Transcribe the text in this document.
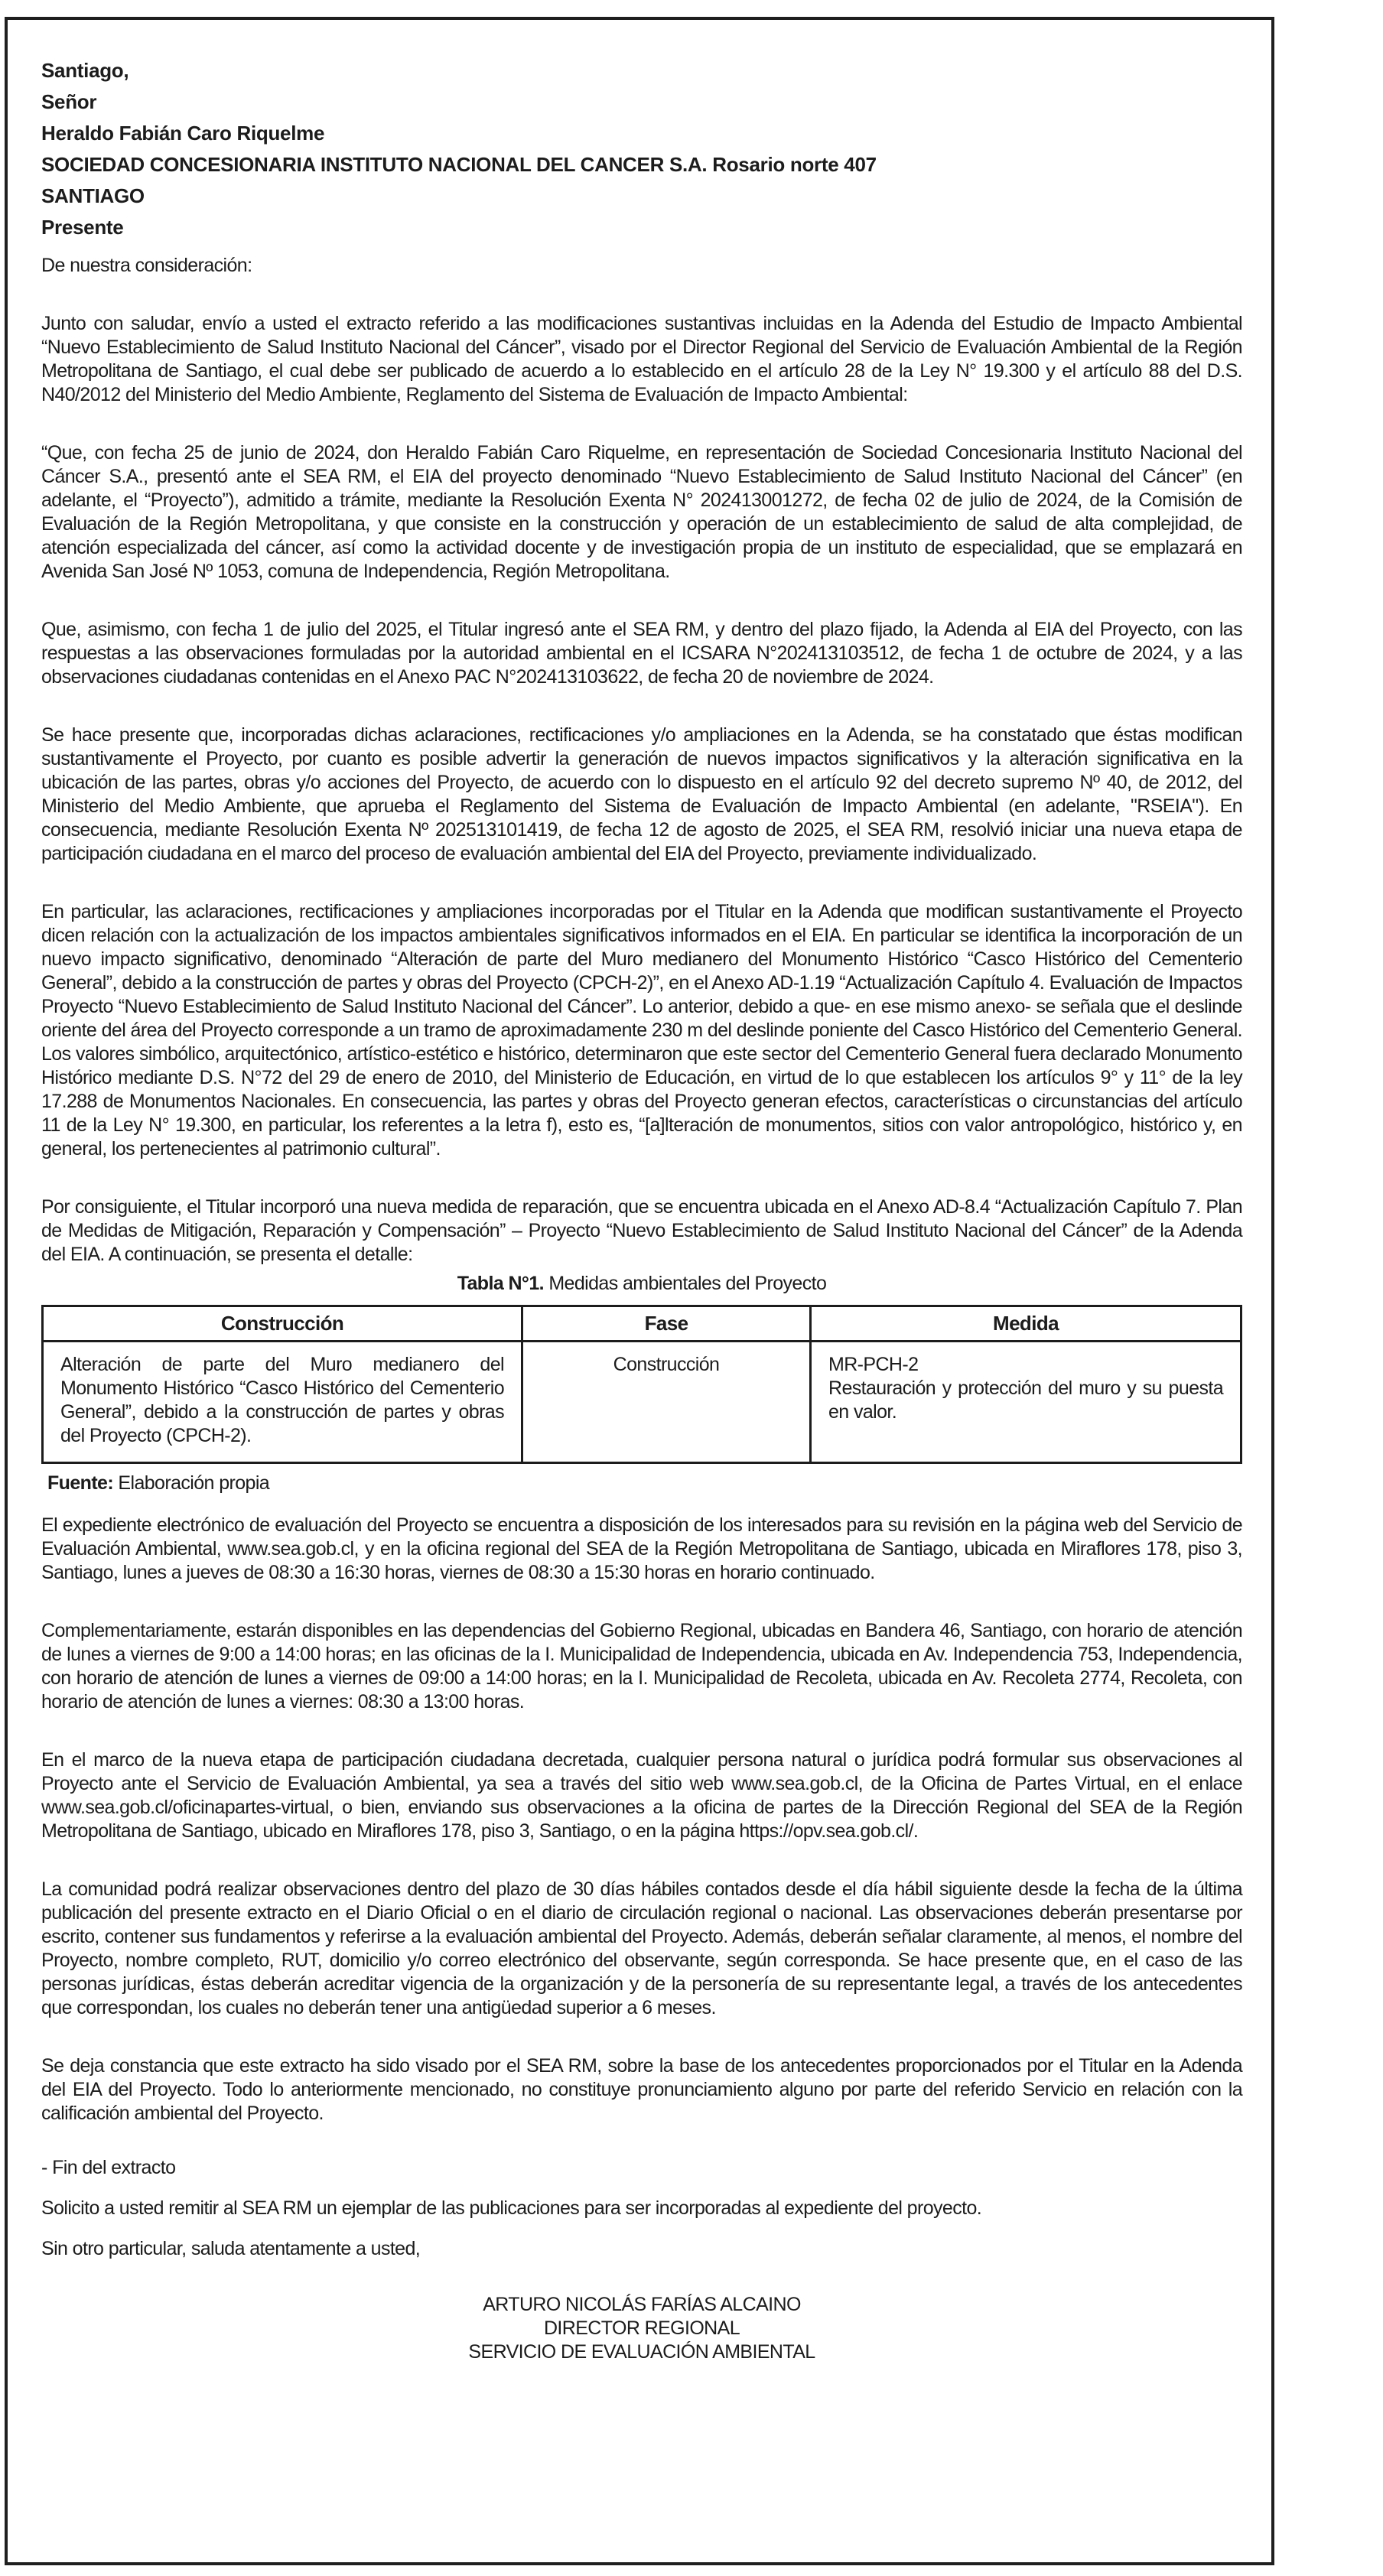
Santiago,
Señor
Heraldo Fabián Caro Riquelme
SOCIEDAD CONCESIONARIA INSTITUTO NACIONAL DEL CANCER S.A. Rosario norte 407
SANTIAGO
Presente

De nuestra consideración:

Junto con saludar, envío a usted el extracto referido a las modificaciones sustantivas incluidas en la Adenda del Estudio de Impacto Ambiental “Nuevo Establecimiento de Salud Instituto Nacional del Cáncer”, visado por el Director Regional del Servicio de Evaluación Ambiental de la Región Metropolitana de Santiago, el cual debe ser publicado de acuerdo a lo establecido en el artículo 28 de la Ley N° 19.300 y el artículo 88 del D.S. N40/2012 del Ministerio del Medio Ambiente, Reglamento del Sistema de Evaluación de Impacto Ambiental:

“Que, con fecha 25 de junio de 2024, don Heraldo Fabián Caro Riquelme, en representación de Sociedad Concesionaria Instituto Nacional del Cáncer S.A., presentó ante el SEA RM, el EIA del proyecto denominado “Nuevo Establecimiento de Salud Instituto Nacional del Cáncer” (en adelante, el “Proyecto”), admitido a trámite, mediante la Resolución Exenta N° 202413001272, de fecha 02 de julio de 2024, de la Comisión de Evaluación de la Región Metropolitana, y que consiste en la construcción y operación de un establecimiento de salud de alta complejidad, de atención especializada del cáncer, así como la actividad docente y de investigación propia de un instituto de especialidad, que se emplazará en Avenida San José Nº 1053, comuna de Independencia, Región Metropolitana.

Que, asimismo, con fecha 1 de julio del 2025, el Titular ingresó ante el SEA RM, y dentro del plazo fijado, la Adenda al EIA del Proyecto, con las respuestas a las observaciones formuladas por la autoridad ambiental en el ICSARA N°202413103512, de fecha 1 de octubre de 2024, y a las observaciones ciudadanas contenidas en el Anexo PAC N°202413103622, de fecha 20 de noviembre de 2024.

Se hace presente que, incorporadas dichas aclaraciones, rectificaciones y/o ampliaciones en la Adenda, se ha constatado que éstas modifican sustantivamente el Proyecto, por cuanto es posible advertir la generación de nuevos impactos significativos y la alteración significativa en la ubicación de las partes, obras y/o acciones del Proyecto, de acuerdo con lo dispuesto en el artículo 92 del decreto supremo Nº 40, de 2012, del Ministerio del Medio Ambiente, que aprueba el Reglamento del Sistema de Evaluación de Impacto Ambiental (en adelante, "RSEIA"). En consecuencia, mediante Resolución Exenta Nº 202513101419, de fecha 12 de agosto de 2025, el SEA RM, resolvió iniciar una nueva etapa de participación ciudadana en el marco del proceso de evaluación ambiental del EIA del Proyecto, previamente individualizado.

En particular, las aclaraciones, rectificaciones y ampliaciones incorporadas por el Titular en la Adenda que modifican sustantivamente el Proyecto dicen relación con la actualización de los impactos ambientales significativos informados en el EIA. En particular se identifica la incorporación de un nuevo impacto significativo, denominado “Alteración de parte del Muro medianero del Monumento Histórico “Casco Histórico del Cementerio General”, debido a la construcción de partes y obras del Proyecto (CPCH-2)”, en el Anexo AD-1.19 “Actualización Capítulo 4. Evaluación de Impactos Proyecto “Nuevo Establecimiento de Salud Instituto Nacional del Cáncer”. Lo anterior, debido a que- en ese mismo anexo- se señala que el deslinde oriente del área del Proyecto corresponde a un tramo de aproximadamente 230 m del deslinde poniente del Casco Histórico del Cementerio General. Los valores simbólico, arquitectónico, artístico-estético e histórico, determinaron que este sector del Cementerio General fuera declarado Monumento Histórico mediante D.S. N°72 del 29 de enero de 2010, del Ministerio de Educación, en virtud de lo que establecen los artículos 9° y 11° de la ley 17.288 de Monumentos Nacionales. En consecuencia, las partes y obras del Proyecto generan efectos, características o circunstancias del artículo 11 de la Ley N° 19.300, en particular, los referentes a la letra f), esto es, “[a]lteración de monumentos, sitios con valor antropológico, histórico y, en general, los pertenecientes al patrimonio cultural”.

Por consiguiente, el Titular incorporó una nueva medida de reparación, que se encuentra ubicada en el Anexo AD-8.4 “Actualización Capítulo 7. Plan de Medidas de Mitigación, Reparación y Compensación” – Proyecto “Nuevo Establecimiento de Salud Instituto Nacional del Cáncer” de la Adenda del EIA. A continuación, se presenta el detalle:

Tabla N°1. Medidas ambientales del Proyecto
Construcción	Fase	Medida
Alteración de parte del Muro medianero del Monumento Histórico “Casco Histórico del Cementerio General”, debido a la construcción de partes y obras del Proyecto (CPCH-2).	Construcción	MR-PCH-2
Restauración y protección del muro y su puesta en valor.
Fuente: Elaboración propia

El expediente electrónico de evaluación del Proyecto se encuentra a disposición de los interesados para su revisión en la página web del Servicio de Evaluación Ambiental, www.sea.gob.cl, y en la oficina regional del SEA de la Región Metropolitana de Santiago, ubicada en Miraflores 178, piso 3, Santiago, lunes a jueves de 08:30 a 16:30 horas, viernes de 08:30 a 15:30 horas en horario continuado.

Complementariamente, estarán disponibles en las dependencias del Gobierno Regional, ubicadas en Bandera 46, Santiago, con horario de atención de lunes a viernes de 9:00 a 14:00 horas; en las oficinas de la I. Municipalidad de Independencia, ubicada en Av. Independencia 753, Independencia, con horario de atención de lunes a viernes de 09:00 a 14:00 horas; en la I. Municipalidad de Recoleta, ubicada en Av. Recoleta 2774, Recoleta, con horario de atención de lunes a viernes: 08:30 a 13:00 horas.

En el marco de la nueva etapa de participación ciudadana decretada, cualquier persona natural o jurídica podrá formular sus observaciones al Proyecto ante el Servicio de Evaluación Ambiental, ya sea a través del sitio web www.sea.gob.cl, de la Oficina de Partes Virtual, en el enlace www.sea.gob.cl/oficinapartes-virtual, o bien, enviando sus observaciones a la oficina de partes de la Dirección Regional del SEA de la Región Metropolitana de Santiago, ubicado en Miraflores 178, piso 3, Santiago, o en la página https://opv.sea.gob.cl/.

La comunidad podrá realizar observaciones dentro del plazo de 30 días hábiles contados desde el día hábil siguiente desde la fecha de la última publicación del presente extracto en el Diario Oficial o en el diario de circulación regional o nacional. Las observaciones deberán presentarse por escrito, contener sus fundamentos y referirse a la evaluación ambiental del Proyecto. Además, deberán señalar claramente, al menos, el nombre del Proyecto, nombre completo, RUT, domicilio y/o correo electrónico del observante, según corresponda. Se hace presente que, en el caso de las personas jurídicas, éstas deberán acreditar vigencia de la organización y de la personería de su representante legal, a través de los antecedentes que correspondan, los cuales no deberán tener una antigüedad superior a 6 meses.

Se deja constancia que este extracto ha sido visado por el SEA RM, sobre la base de los antecedentes proporcionados por el Titular en la Adenda del EIA del Proyecto. Todo lo anteriormente mencionado, no constituye pronunciamiento alguno por parte del referido Servicio en relación con la calificación ambiental del Proyecto.

- Fin del extracto

Solicito a usted remitir al SEA RM un ejemplar de las publicaciones para ser incorporadas al expediente del proyecto.

Sin otro particular, saluda atentamente a usted,

ARTURO NICOLÁS FARÍAS ALCAINO
DIRECTOR REGIONAL
SERVICIO DE EVALUACIÓN AMBIENTAL
